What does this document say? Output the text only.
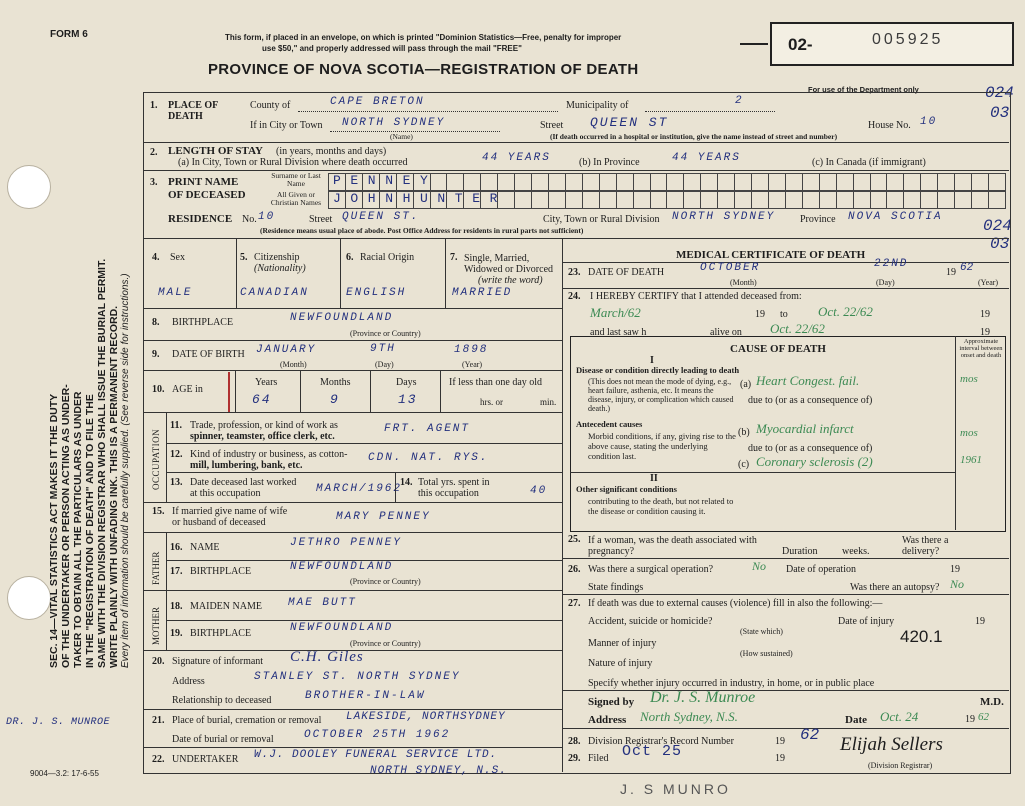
FORM 6	This form, if placed in an envelope, on which is printed "Dominion Statistics—Free, penalty for improper
use $50," and properly addressed will pass through the mail "FREE"
PROVINCE OF NOVA SCOTIA—REGISTRATION OF DEATH
02-	005925
For use of the Department only	024
03
024
03
SEC. 14—VITAL STATISTICS ACT MAKES IT THE DUTY OF THE UNDERTAKER OR PERSON ACTING AS UNDER- TAKER TO OBTAIN ALL THE PARTICULARS AS UNDER IN THE "REGISTRATION OF DEATH" AND TO FILE THE SAME WITH THE DIVISION REGISTRAR WHO SHALL ISSUE THE BURIAL PERMIT. WRITE PLAINLY WITH UNFADING INK. THIS IS A PERMANENT RECORD. Every item of information should be carefully supplied. (See reverse side for instructions.)
DR. J. S. MUNROE
9004—3.2: 17-6-55
J. S MUNRO
1. PLACE OF DEATH
County of	CAPE BRETON	Municipality of	2
If in City or Town NORTH SYDNEY
(Name)
Street QUEEN ST	House No. 10
(If death occurred in a hospital or institution, give the name instead of street and number)
2. LENGTH OF STAY (in years, months and days)
(a) In City, Town or Rural Division where death occurred	44 YEARS	(b) In Province	44 YEARS	(c) In Canada (if immigrant)
3. PRINT NAME
OF DECEASED
Surname or Last Name
All Given or Christian Names
PENNEY
JOHNHUNTER
RESIDENCE No. 10	Street QUEEN ST.	City, Town or Rural Division NORTH SYDNEY Province NOVA SCOTIA
(Residence means usual place of abode. Post Office Address for residents in rural parts not sufficient)
4. Sex
MALE
5. Citizenship
(Nationality)
CANADIAN
6. Racial Origin
ENGLISH
7. Single, Married, Widowed or Divorced
(write the word)
MARRIED
8. BIRTHPLACE	NEWFOUNDLAND
(Province or Country)
9. DATE OF BIRTH JANUARY	9TH	1898
(Month)	(Day)	(Year)
10. AGE in
Years	Months	Days	If less than one day old
64	9	13	hrs. or	min.
OCCUPATION
11. Trade, profession, or kind of work as
spinner, teamster, office clerk, etc.
FRT. AGENT
12. Kind of industry or business, as cotton-
mill, lumbering, bank, etc.
CDN. NAT. RYS.
13. Date deceased last worked
at this occupation	MARCH/1962
14. Total yrs. spent in
this occupation	40
15. If married give name of wife
or husband of deceased	MARY PENNEY
FATHER
MOTHER
16. NAME	JETHRO PENNEY
17. BIRTHPLACE	NEWFOUNDLAND
(Province or Country)
18. MAIDEN NAME MAE BUTT
19. BIRTHPLACE	NEWFOUNDLAND
(Province or Country)
20. Signature of informant C.H. Giles
Address	STANLEY ST. NORTH SYDNEY
Relationship to deceased	BROTHER-IN-LAW
21. Place of burial, cremation or removal LAKESIDE, NORTHSYDNEY
Date of burial or removal	OCTOBER 25TH 1962
22. UNDERTAKER W.J. DOOLEY FUNERAL SERVICE LTD.
NORTH SYDNEY, N.S.
MEDICAL CERTIFICATE OF DEATH
23. DATE OF DEATH	OCTOBER	22ND
19 62
(Month)	(Day)	(Year)
24. I HEREBY CERTIFY that I attended deceased from:
March/62	19 to Oct. 22/62	19
and last saw h	alive on Oct. 22/62	19
CAUSE OF DEATH
Approximate interval between onset and death
I
Disease or condition directly leading to death
(This does not mean the mode of dying, e.g., heart failure, asthenia, etc. It means the disease, injury, or complication which caused death.)
(a) Heart Congest. fail.	mos
due to (or as a consequence of)
Antecedent causes
Morbid conditions, if any, giving rise to the above cause, stating the underlying condition last.
(b) Myocardial infarct	mos
due to (or as a consequence of)
(c) Coronary sclerosis (2)	1961
II
Other significant conditions
contributing to the death, but not related to the disease or condition causing it.
25. If a woman, was the death associated with pregnancy?	Duration weeks.
Was there a delivery?
26. Was there a surgical operation?	No Date of operation	19
State findings	Was there an autopsy? No
27. If death was due to external causes (violence) fill in also the following:—
Accident, suicide or homicide?
(State which)
Date of injury	19
Manner of injury
(How sustained)
420.1
Nature of injury
Specify whether injury occurred in industry, in home, or in public place
Signed by Dr. J. S. Munroe	M.D.
Address North Sydney, N.S.	Date Oct. 24	19 62
28. Division Registrar's Record Number	19 62
29. Filed Oct 25	19
Elijah Sellers
(Division Registrar)
